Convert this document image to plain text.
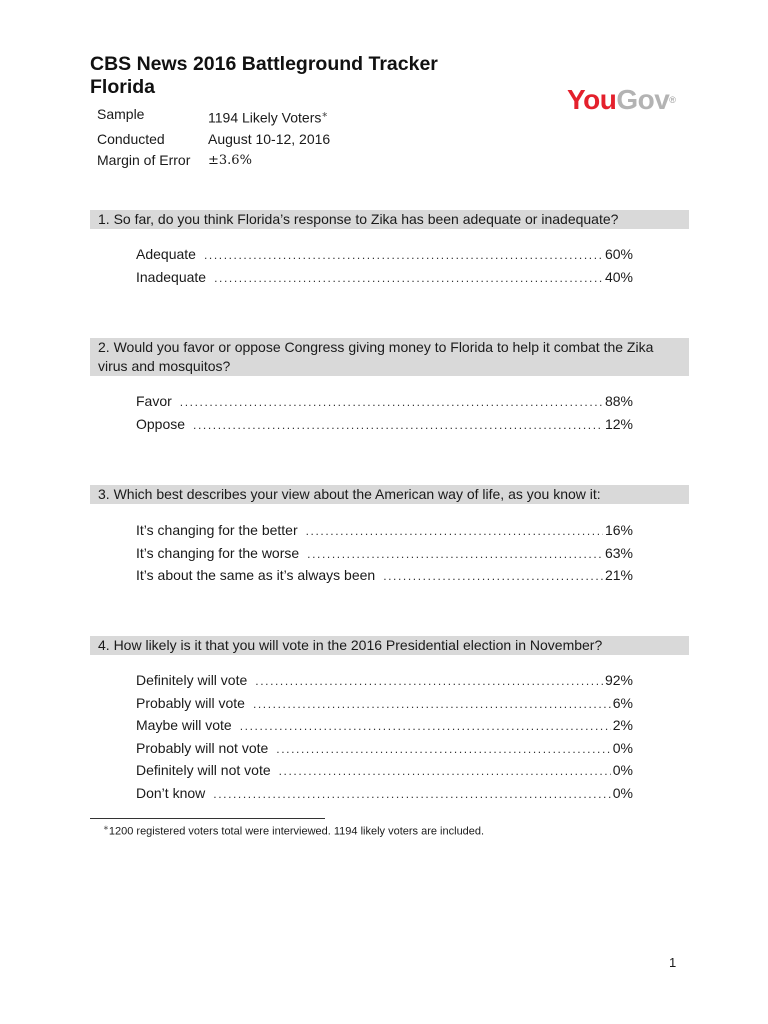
CBS News 2016 Battleground Tracker
Florida	YouGov®
Sample	1194 Likely Voters∗
Conducted	August 10-12, 2016
Margin of Error	±3.6%
1. So far, do you think Florida’s response to Zika has been adequate or inadequate?
Adequate .....	60%
Inadequate .....	40%
2. Would you favor or oppose Congress giving money to Florida to help it combat the Zika virus and mosquitos?
Favor .....	88%
Oppose .....	12%
3. Which best describes your view about the American way of life, as you know it:
It’s changing for the better .....	16%
It’s changing for the worse .....	63%
It’s about the same as it’s always been .....	21%
4. How likely is it that you will vote in the 2016 Presidential election in November?
Definitely will vote .....	92%
Probably will vote .....	6%
Maybe will vote .....	2%
Probably will not vote .....	0%
Definitely will not vote .....	0%
Don’t know .....	0%
∗1200 registered voters total were interviewed. 1194 likely voters are included.
1
